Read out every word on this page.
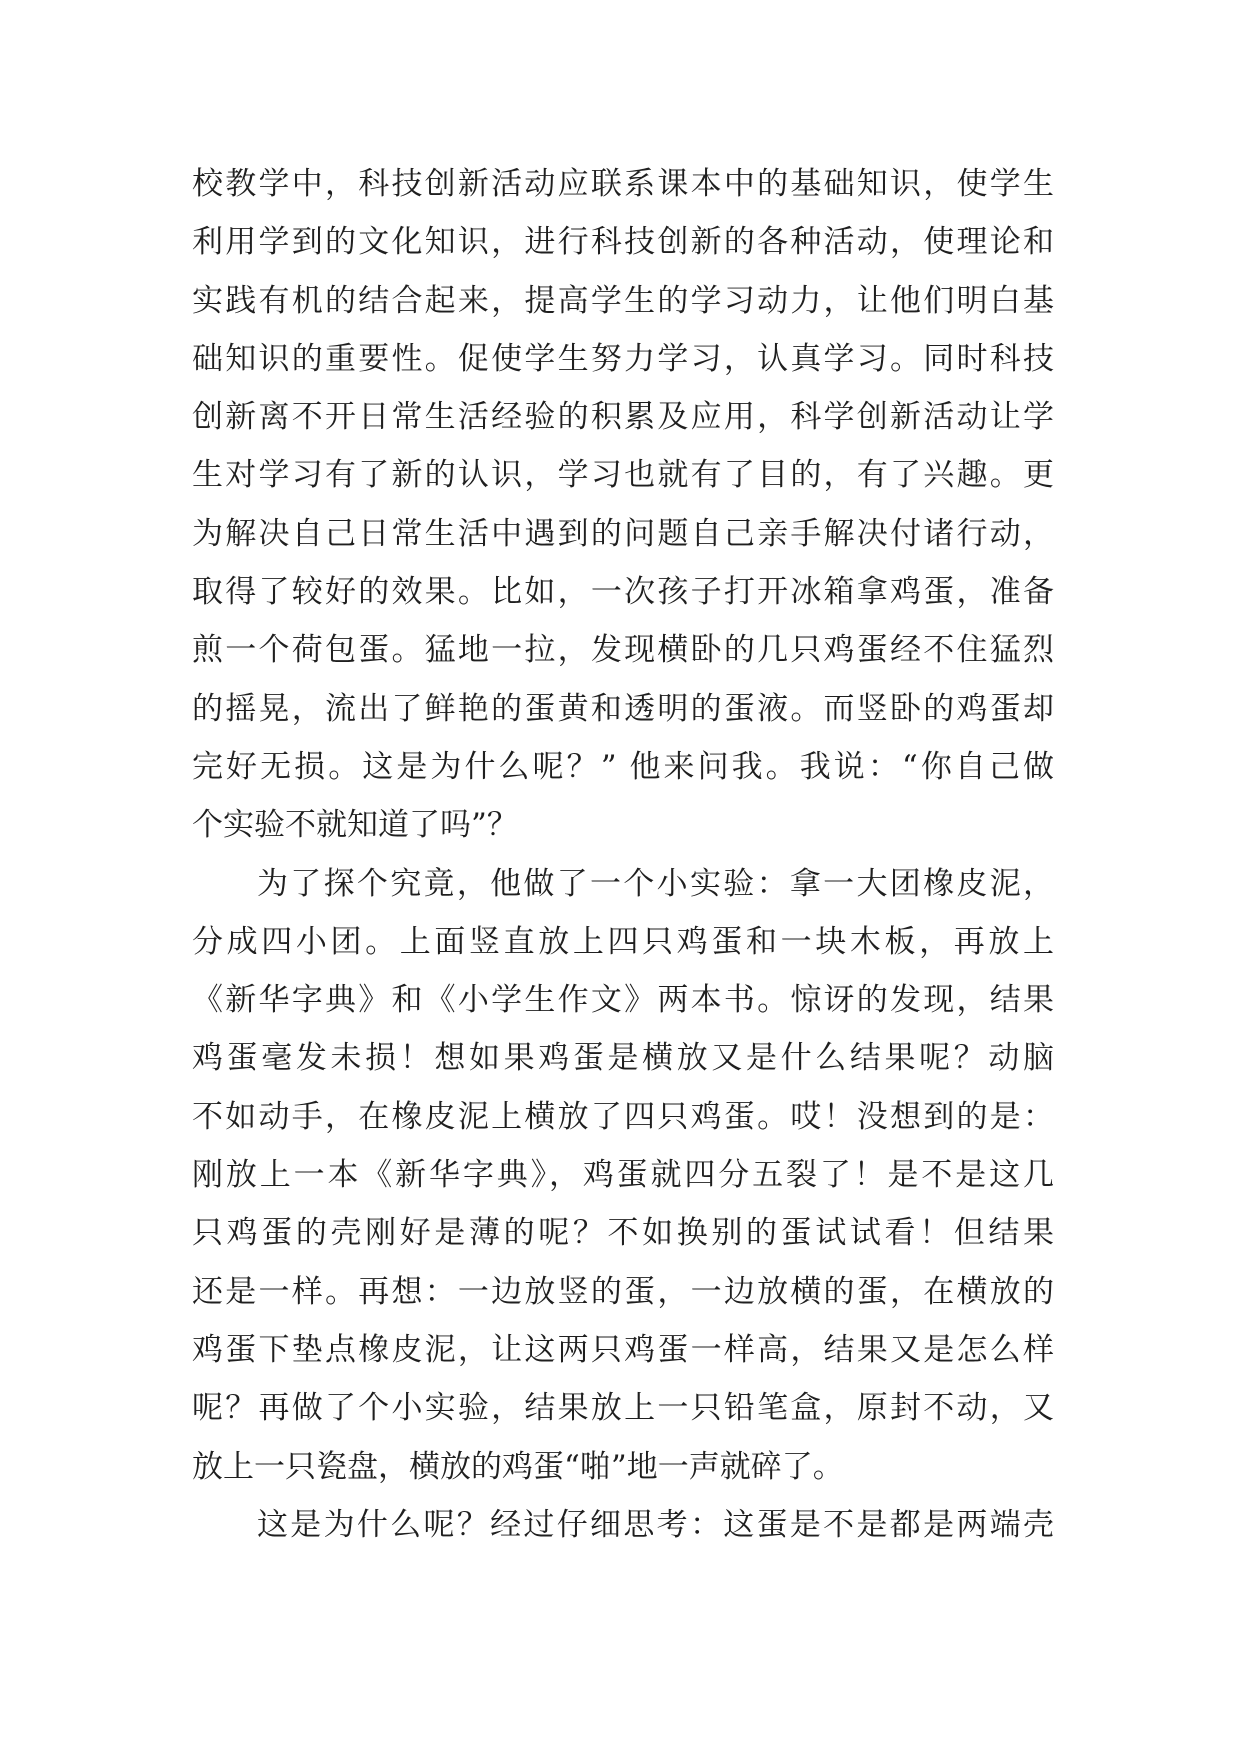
校教学中，科技创新活动应联系课本中的基础知识，使学生
利用学到的文化知识，进行科技创新的各种活动，使理论和
实践有机的结合起来，提高学生的学习动力，让他们明白基
础知识的重要性。促使学生努力学习，认真学习。同时科技
创新离不开日常生活经验的积累及应用，科学创新活动让学
生对学习有了新的认识，学习也就有了目的，有了兴趣。更
为解决自己日常生活中遇到的问题自己亲手解决付诸行动，
取得了较好的效果。比如，一次孩子打开冰箱拿鸡蛋，准备
煎一个荷包蛋。猛地一拉，发现横卧的几只鸡蛋经不住猛烈
的摇晃，流出了鲜艳的蛋黄和透明的蛋液。而竖卧的鸡蛋却
完好无损。这是为什么呢？” 他来问我。我说：“你自己做
个实验不就知道了吗”？
为了探个究竟，他做了一个小实验：拿一大团橡皮泥，
分成四小团。上面竖直放上四只鸡蛋和一块木板，再放上
《新华字典》和《小学生作文》两本书。惊讶的发现，结果
鸡蛋毫发未损！想如果鸡蛋是横放又是什么结果呢？动脑
不如动手，在橡皮泥上横放了四只鸡蛋。哎！没想到的是：
刚放上一本《新华字典》，鸡蛋就四分五裂了！是不是这几
只鸡蛋的壳刚好是薄的呢？不如换别的蛋试试看！但结果
还是一样。再想：一边放竖的蛋，一边放横的蛋，在横放的
鸡蛋下垫点橡皮泥，让这两只鸡蛋一样高，结果又是怎么样
呢？再做了个小实验，结果放上一只铅笔盒，原封不动，又
放上一只瓷盘，横放的鸡蛋“啪”地一声就碎了。
这是为什么呢？经过仔细思考：这蛋是不是都是两端壳
